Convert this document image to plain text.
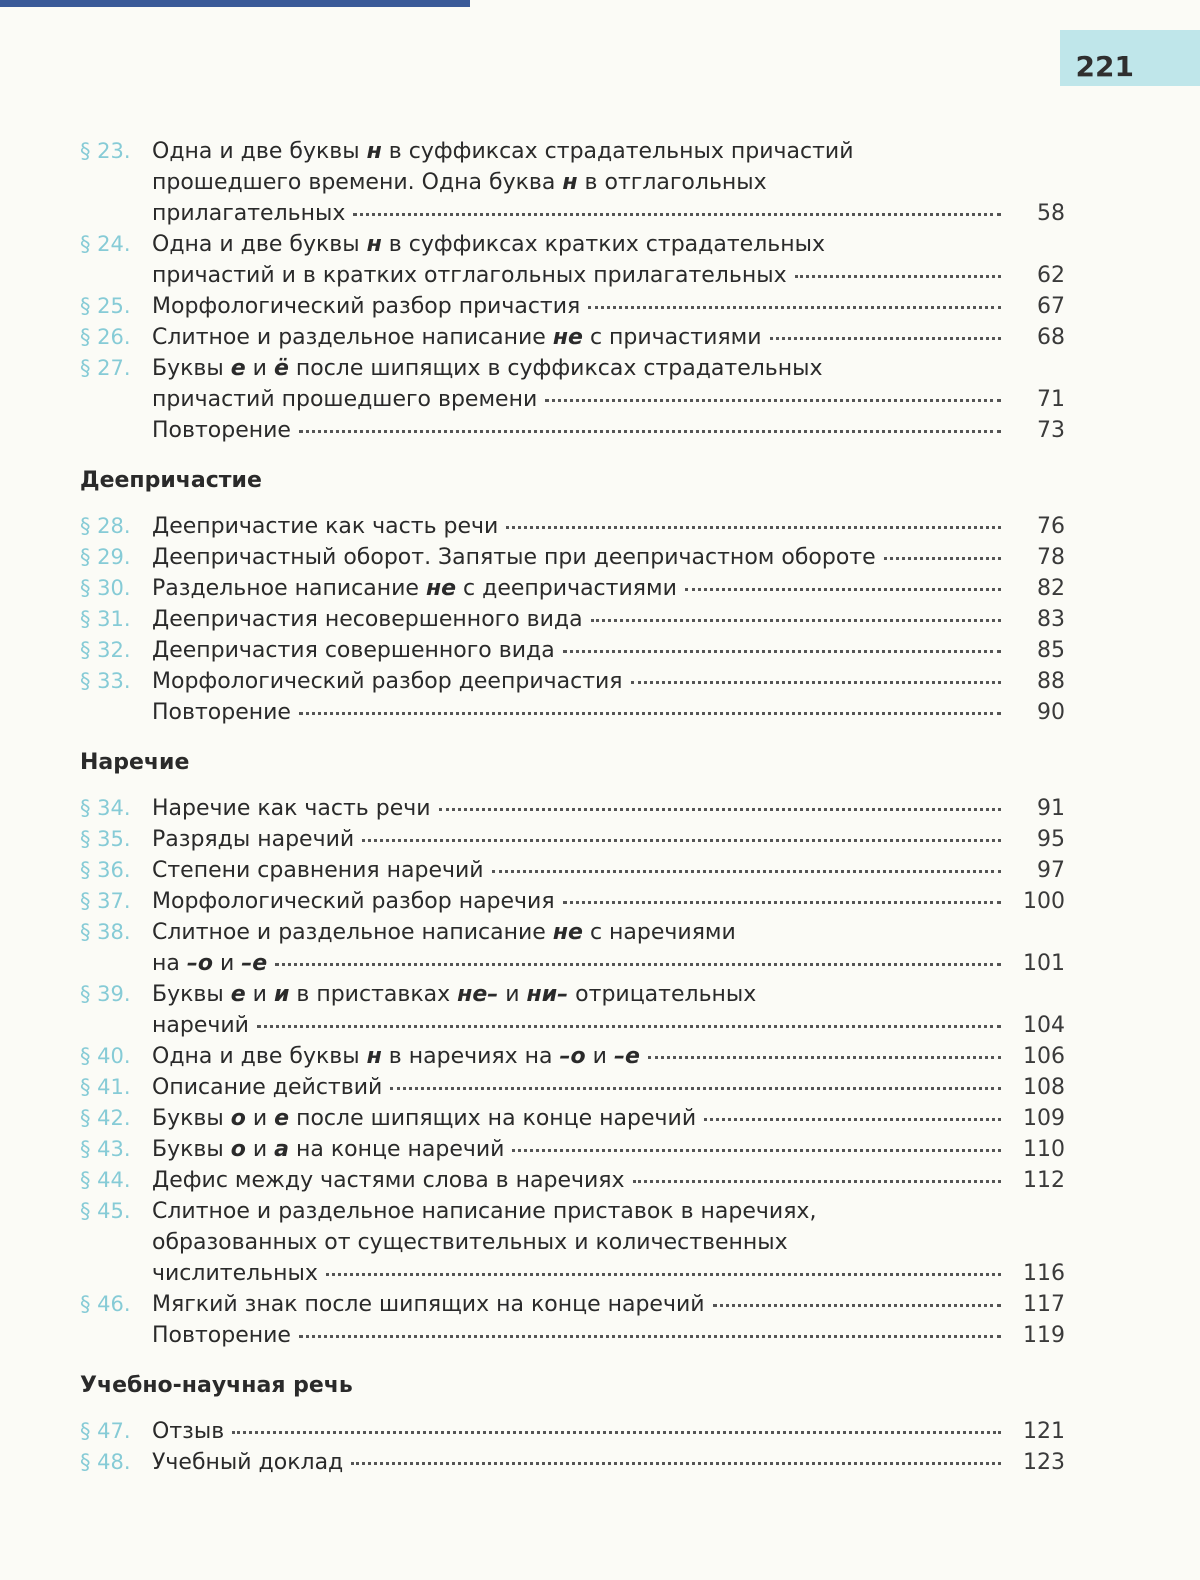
221
§ 23. Одна и две буквы н в суффиксах страдательных причастий
прошедшего времени. Одна буква н в отглагольных
прилагательных	58
§ 24. Одна и две буквы н в суффиксах кратких страдательных
причастий и в кратких отглагольных прилагательных	62
§ 25. Морфологический разбор причастия	67
§ 26. Слитное и раздельное написание не с причастиями	68
§ 27. Буквы е и ё после шипящих в суффиксах страдательных
причастий прошедшего времени	71
Повторение	73
Деепричастие
§ 28. Деепричастие как часть речи	76
§ 29. Деепричастный оборот. Запятые при деепричастном обороте	78
§ 30. Раздельное написание не с деепричастиями	82
§ 31. Деепричастия несовершенного вида	83
§ 32. Деепричастия совершенного вида	85
§ 33. Морфологический разбор деепричастия	88
Повторение	90
Наречие
§ 34. Наречие как часть речи	91
§ 35. Разряды наречий	95
§ 36. Степени сравнения наречий	97
§ 37. Морфологический разбор наречия	100
§ 38. Слитное и раздельное написание не с наречиями
на –о и –е	101
§ 39. Буквы е и и в приставках не– и ни– отрицательных
наречий	104
§ 40. Одна и две буквы н в наречиях на –о и –е	106
§ 41. Описание действий	108
§ 42. Буквы о и е после шипящих на конце наречий	109
§ 43. Буквы о и а на конце наречий	110
§ 44. Дефис между частями слова в наречиях	112
§ 45. Слитное и раздельное написание приставок в наречиях,
образованных от существительных и количественных
числительных	116
§ 46. Мягкий знак после шипящих на конце наречий	117
Повторение	119
Учебно-научная речь
§ 47. Отзыв	121
§ 48. Учебный доклад	123
